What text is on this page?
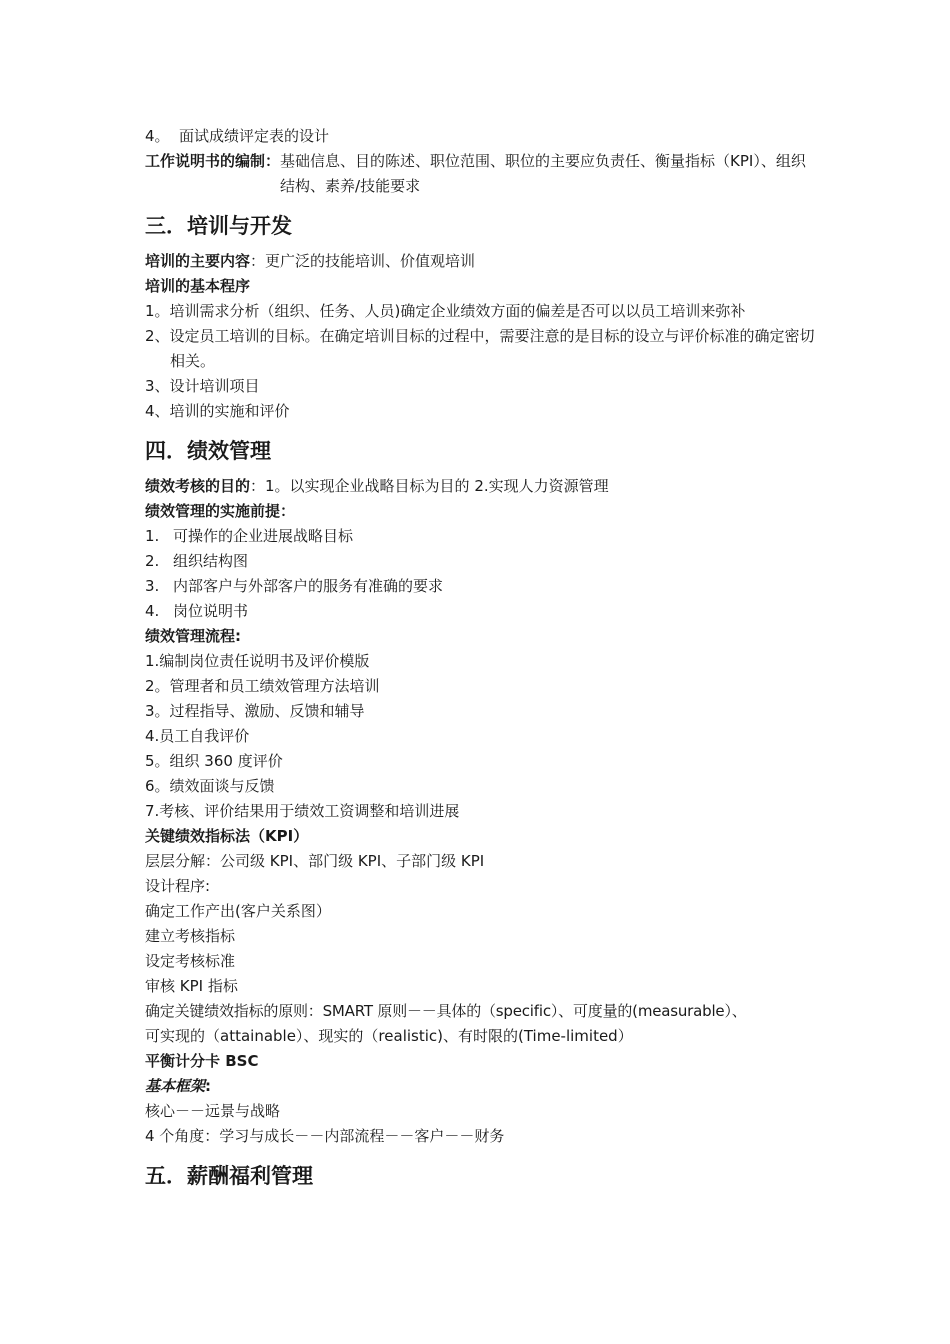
4。 面试成绩评定表的设计
工作说明书的编制： 基础信息、目的陈述、职位范围、职位的主要应负责任、衡量指标（KPI）、组织结构、素养/技能要求
三．培训与开发
培训的主要内容：更广泛的技能培训、价值观培训
培训的基本程序
1。培训需求分析（组织、任务、人员)确定企业绩效方面的偏差是否可以以员工培训来弥补
2、设定员工培训的目标。在确定培训目标的过程中，需要注意的是目标的设立与评价标准的确定密切相关。
3、设计培训项目
4、培训的实施和评价
四．绩效管理
绩效考核的目的：1。以实现企业战略目标为目的 2.实现人力资源管理
绩效管理的实施前提：
1. 可操作的企业进展战略目标
2. 组织结构图
3. 内部客户与外部客户的服务有准确的要求
4. 岗位说明书
绩效管理流程:
1.编制岗位责任说明书及评价模版
2。管理者和员工绩效管理方法培训
3。过程指导、激励、反馈和辅导
4.员工自我评价
5。组织 360 度评价
6。绩效面谈与反馈
7.考核、评价结果用于绩效工资调整和培训进展
关键绩效指标法（KPI）
层层分解：公司级 KPI、部门级 KPI、子部门级 KPI
设计程序:
确定工作产出(客户关系图）
建立考核指标
设定考核标准
审核 KPI 指标
确定关键绩效指标的原则：SMART 原则－－具体的（specific）、可度量的(measurable）、
可实现的（attainable）、现实的（realistic)、有时限的(Time-limited）
平衡计分卡 BSC
基本框架:
核心－－远景与战略
4 个角度：学习与成长－－内部流程－－客户－－财务
五．薪酬福利管理
